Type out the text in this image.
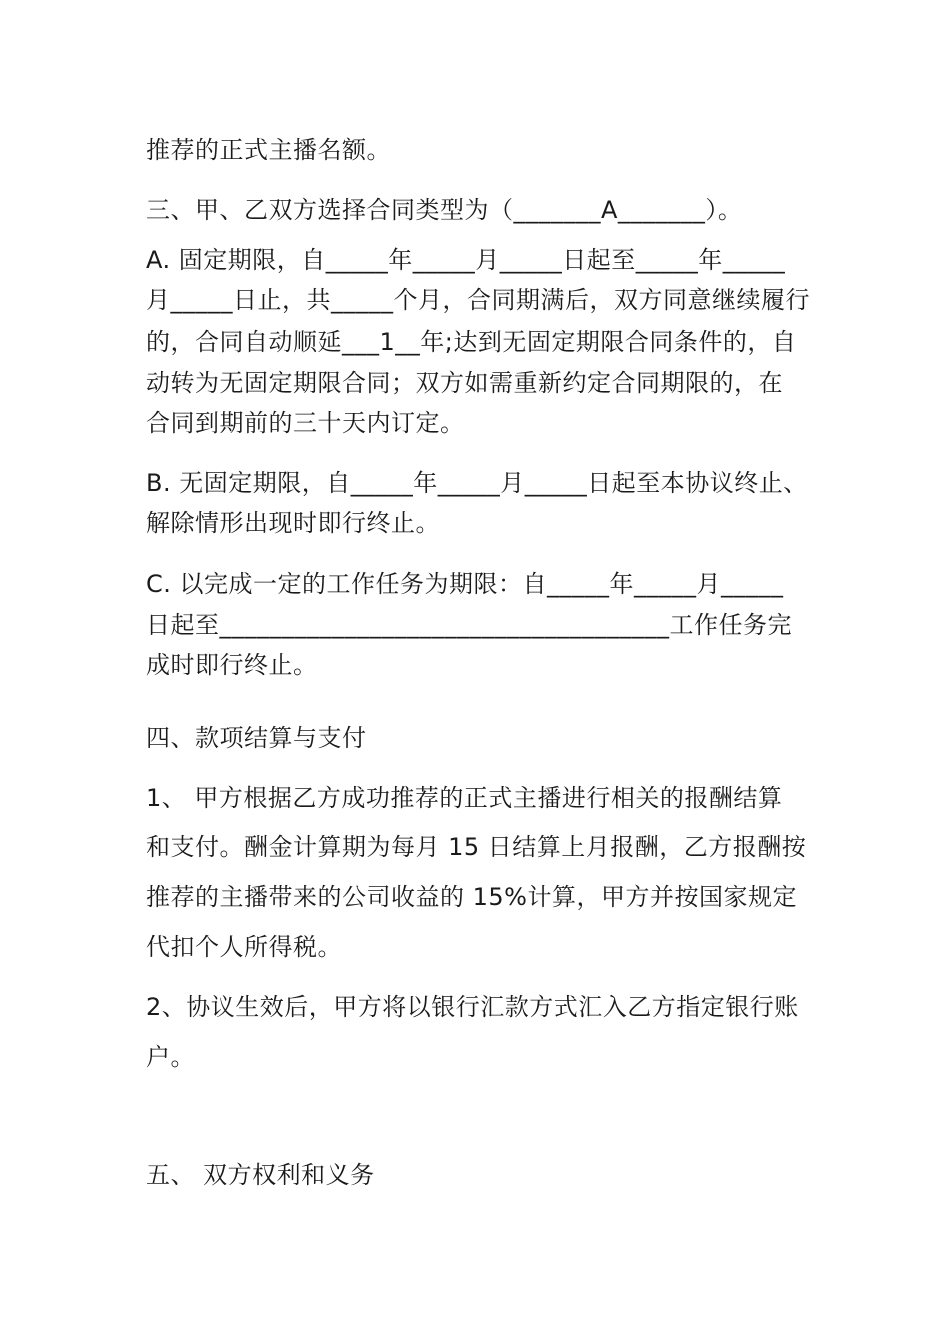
推荐的正式主播名额。
三、甲、乙双方选择合同类型为（_______A_______）。
A. 固定期限，自_____年_____月_____日起至_____年_____
月_____日止，共_____个月，合同期满后，双方同意继续履行
的，合同自动顺延___1__年;达到无固定期限合同条件的，自
动转为无固定期限合同；双方如需重新约定合同期限的，在
合同到期前的三十天内订定。
B. 无固定期限，自_____年_____月_____日起至本协议终止、
解除情形出现时即行终止。
C. 以完成一定的工作任务为期限：自_____年_____月_____
日起至____________________________________工作任务完
成时即行终止。
四、款项结算与支付
1、 甲方根据乙方成功推荐的正式主播进行相关的报酬结算
和支付。酬金计算期为每月 15 日结算上月报酬，乙方报酬按
推荐的主播带来的公司收益的 15%计算，甲方并按国家规定
代扣个人所得税。
2、协议生效后，甲方将以银行汇款方式汇入乙方指定银行账
户。
五、 双方权利和义务
